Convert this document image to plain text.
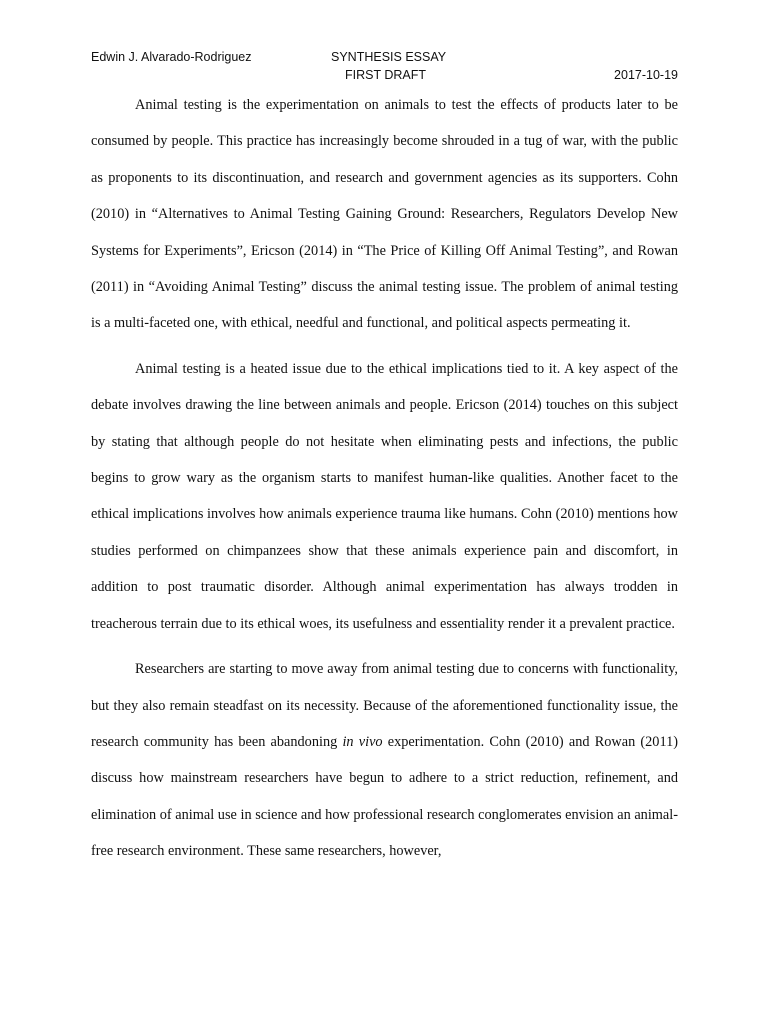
Edwin J. Alvarado-Rodriguez	SYNTHESIS ESSAY
FIRST DRAFT	2017-10-19

Animal testing is the experimentation on animals to test the effects of products later to be consumed by people. This practice has increasingly become shrouded in a tug of war, with the public as proponents to its discontinuation, and research and government agencies as its supporters. Cohn (2010) in “Alternatives to Animal Testing Gaining Ground: Researchers, Regulators Develop New Systems for Experiments”, Ericson (2014) in “The Price of Killing Off Animal Testing”, and Rowan (2011) in “Avoiding Animal Testing” discuss the animal testing issue. The problem of animal testing is a multi-faceted one, with ethical, needful and functional, and political aspects permeating it.

Animal testing is a heated issue due to the ethical implications tied to it. A key aspect of the debate involves drawing the line between animals and people. Ericson (2014) touches on this subject by stating that although people do not hesitate when eliminating pests and infections, the public begins to grow wary as the organism starts to manifest human-like qualities. Another facet to the ethical implications involves how animals experience trauma like humans. Cohn (2010) mentions how studies performed on chimpanzees show that these animals experience pain and discomfort, in addition to post traumatic disorder. Although animal experimentation has always trodden in treacherous terrain due to its ethical woes, its usefulness and essentiality render it a prevalent practice.

Researchers are starting to move away from animal testing due to concerns with functionality, but they also remain steadfast on its necessity. Because of the aforementioned functionality issue, the research community has been abandoning in vivo experimentation. Cohn (2010) and Rowan (2011) discuss how mainstream researchers have begun to adhere to a strict reduction, refinement, and elimination of animal use in science and how professional research conglomerates envision an animal-free research environment. These same researchers, however,
